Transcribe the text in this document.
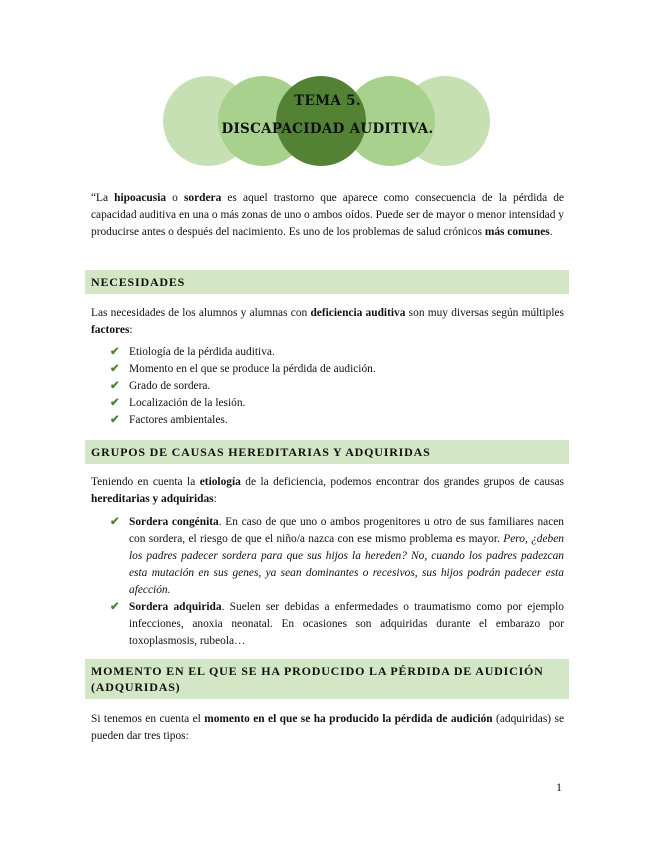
TEMA 5.
DISCAPACIDAD AUDITIVA.

“La hipoacusia o sordera es aquel trastorno que aparece como consecuencia de la pérdida de capacidad auditiva en una o más zonas de uno o ambos oídos. Puede ser de mayor o menor intensidad y producirse antes o después del nacimiento. Es uno de los problemas de salud crónicos más comunes.

NECESIDADES

Las necesidades de los alumnos y alumnas con deficiencia auditiva son muy diversas según múltiples factores:

✔ Etiología de la pérdida auditiva.
✔ Momento en el que se produce la pérdida de audición.
✔ Grado de sordera.
✔ Localización de la lesión.
✔ Factores ambientales.
GRUPOS DE CAUSAS HEREDITARIAS Y ADQUIRIDAS

Teniendo en cuenta la etiología de la deficiencia, podemos encontrar dos grandes grupos de causas hereditarias y adquiridas:

✔ Sordera congénita. En caso de que uno o ambos progenitores u otro de sus familiares nacen con sordera, el riesgo de que el niño/a nazca con ese mismo problema es mayor. Pero, ¿deben los padres padecer sordera para que sus hijos la hereden? No, cuando los padres padezcan esta mutación en sus genes, ya sean dominantes o recesivos, sus hijos podrán padecer esta afección.
✔ Sordera adquirida. Suelen ser debidas a enfermedades o traumatismo como por ejemplo infecciones, anoxia neonatal. En ocasiones son adquiridas durante el embarazo por toxoplasmosis, rubeola…
MOMENTO EN EL QUE SE HA PRODUCIDO LA PÉRDIDA DE AUDICIÓN (ADQURIDAS)

Si tenemos en cuenta el momento en el que se ha producido la pérdida de audición (adquiridas) se pueden dar tres tipos:

1
